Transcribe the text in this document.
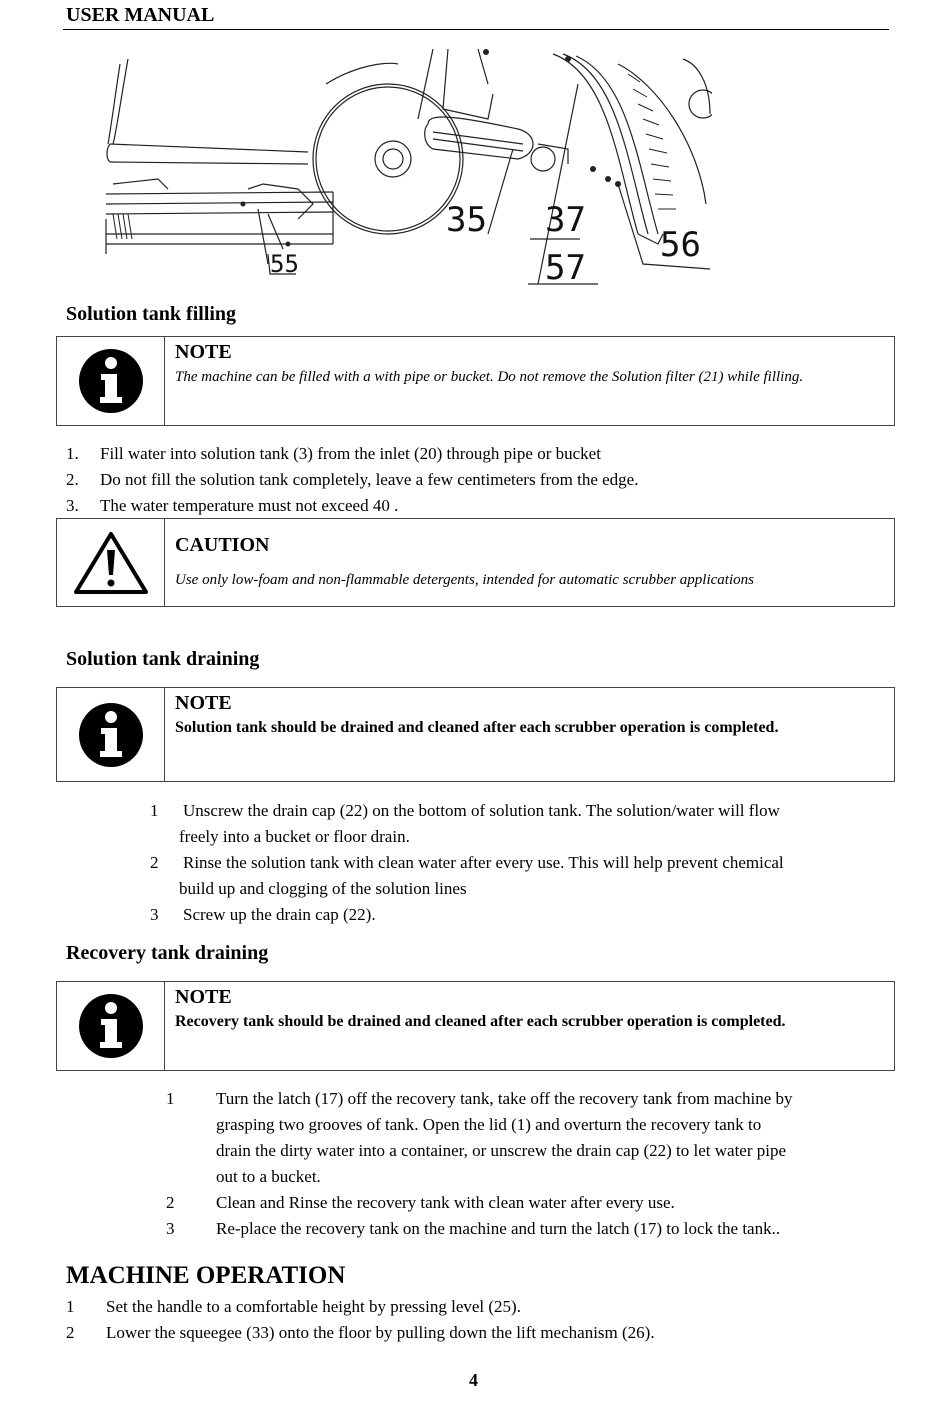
USER MANUAL
55
35 37
57
56
Solution tank filling
NOTE
The machine can be filled with a with pipe or bucket. Do not remove the Solution filter (21) while filling.
1. Fill water into solution tank (3) from the inlet (20) through pipe or bucket
2. Do not fill the solution tank completely, leave a few centimeters from the edge.
3. The water temperature must not exceed 40 .
CAUTION
Use only low-foam and non-flammable detergents, intended for automatic scrubber applications
Solution tank draining
NOTE
Solution tank should be drained and cleaned after each scrubber operation is completed.
1 Unscrew the drain cap (22) on the bottom of solution tank. The solution/water will flow
freely into a bucket or floor drain.
2 Rinse the solution tank with clean water after every use. This will help prevent chemical
build up and clogging of the solution lines
3 Screw up the drain cap (22).
Recovery tank draining
NOTE
Recovery tank should be drained and cleaned after each scrubber operation is completed.
1 Turn the latch (17) off the recovery tank, take off the recovery tank from machine by
grasping two grooves of tank. Open the lid (1) and overturn the recovery tank to
drain the dirty water into a container, or unscrew the drain cap (22) to let water pipe
out to a bucket.
2 Clean and Rinse the recovery tank with clean water after every use.
3 Re-place the recovery tank on the machine and turn the latch (17) to lock the tank..
MACHINE OPERATION
1 Set the handle to a comfortable height by pressing level (25).
2 Lower the squeegee (33) onto the floor by pulling down the lift mechanism (26).
4
